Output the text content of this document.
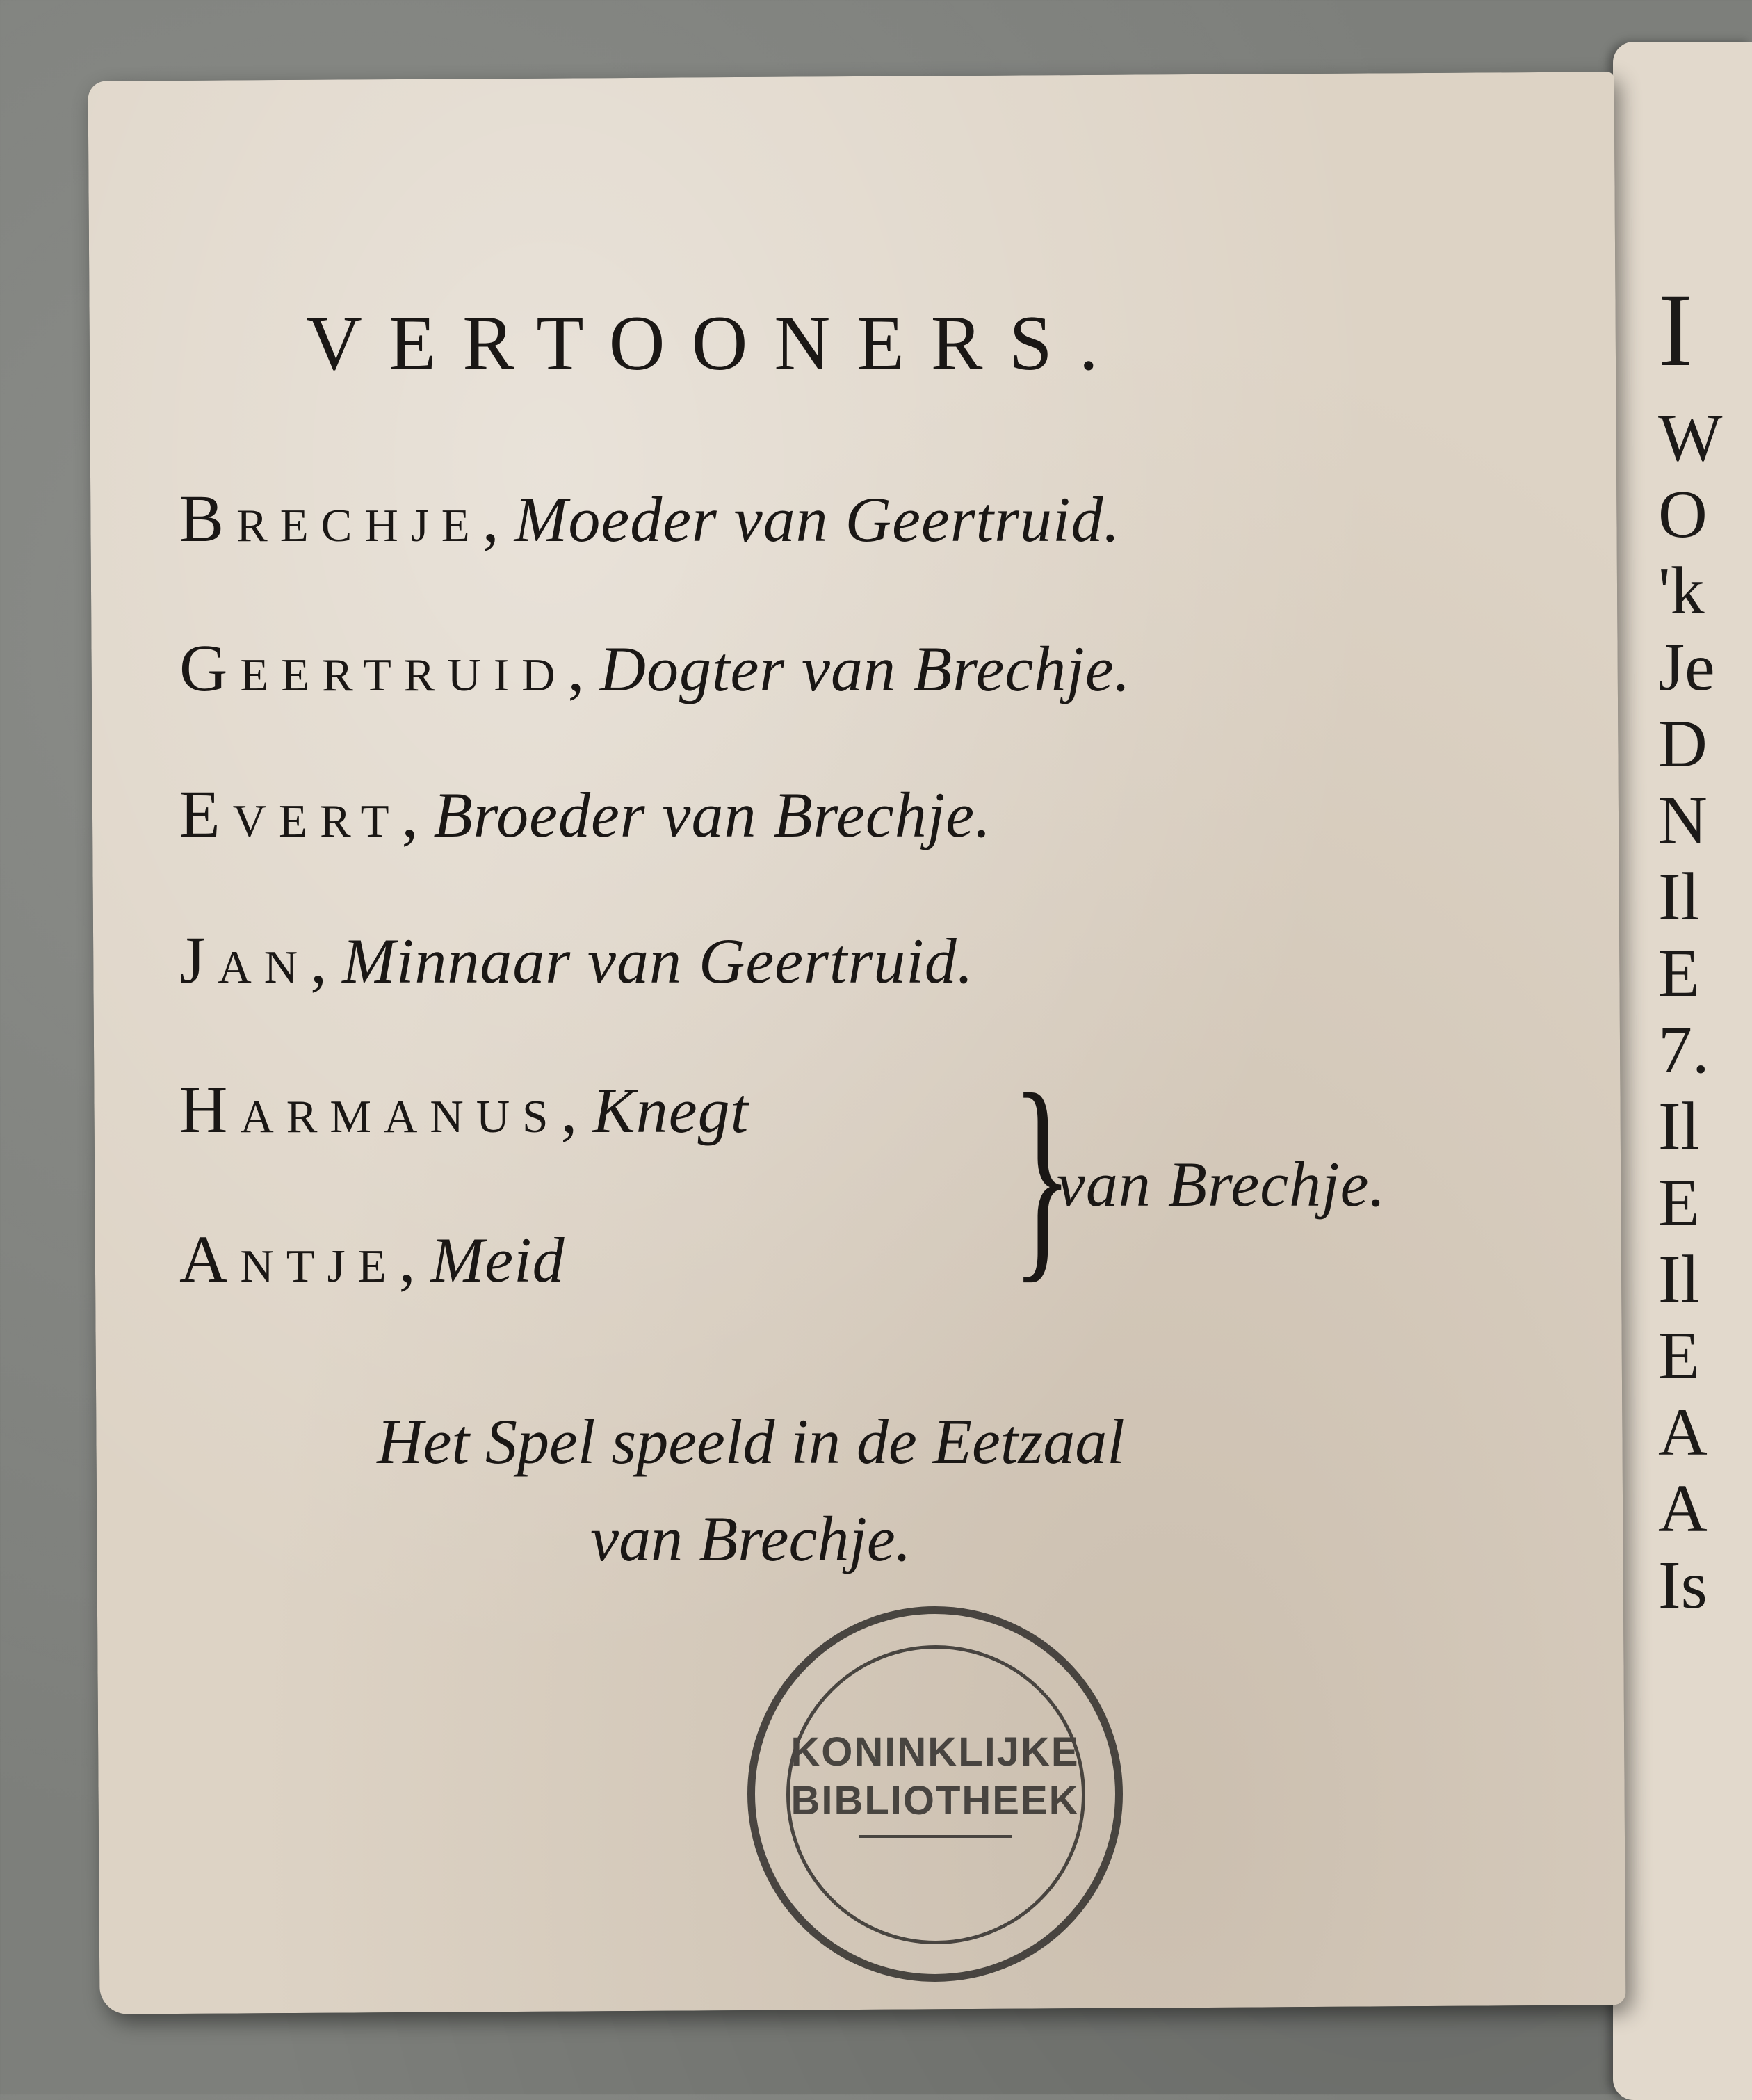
I
W
O
'k
Je
D
N
Il
E
7.
Il
E
Il
E
A
A
Is
VERTOONERS.
Brechje, Moeder van Geertruid.
Geertruid, Dogter van Brechje.
Evert, Broeder van Brechje.
Jan, Minnaar van Geertruid.
Harmanus, Knegt
Antje, Meid }
van Brechje.
Het Spel speeld in de Eetzaal
van Brechje.
KONINKLIJKE
BIBLIOTHEEK
